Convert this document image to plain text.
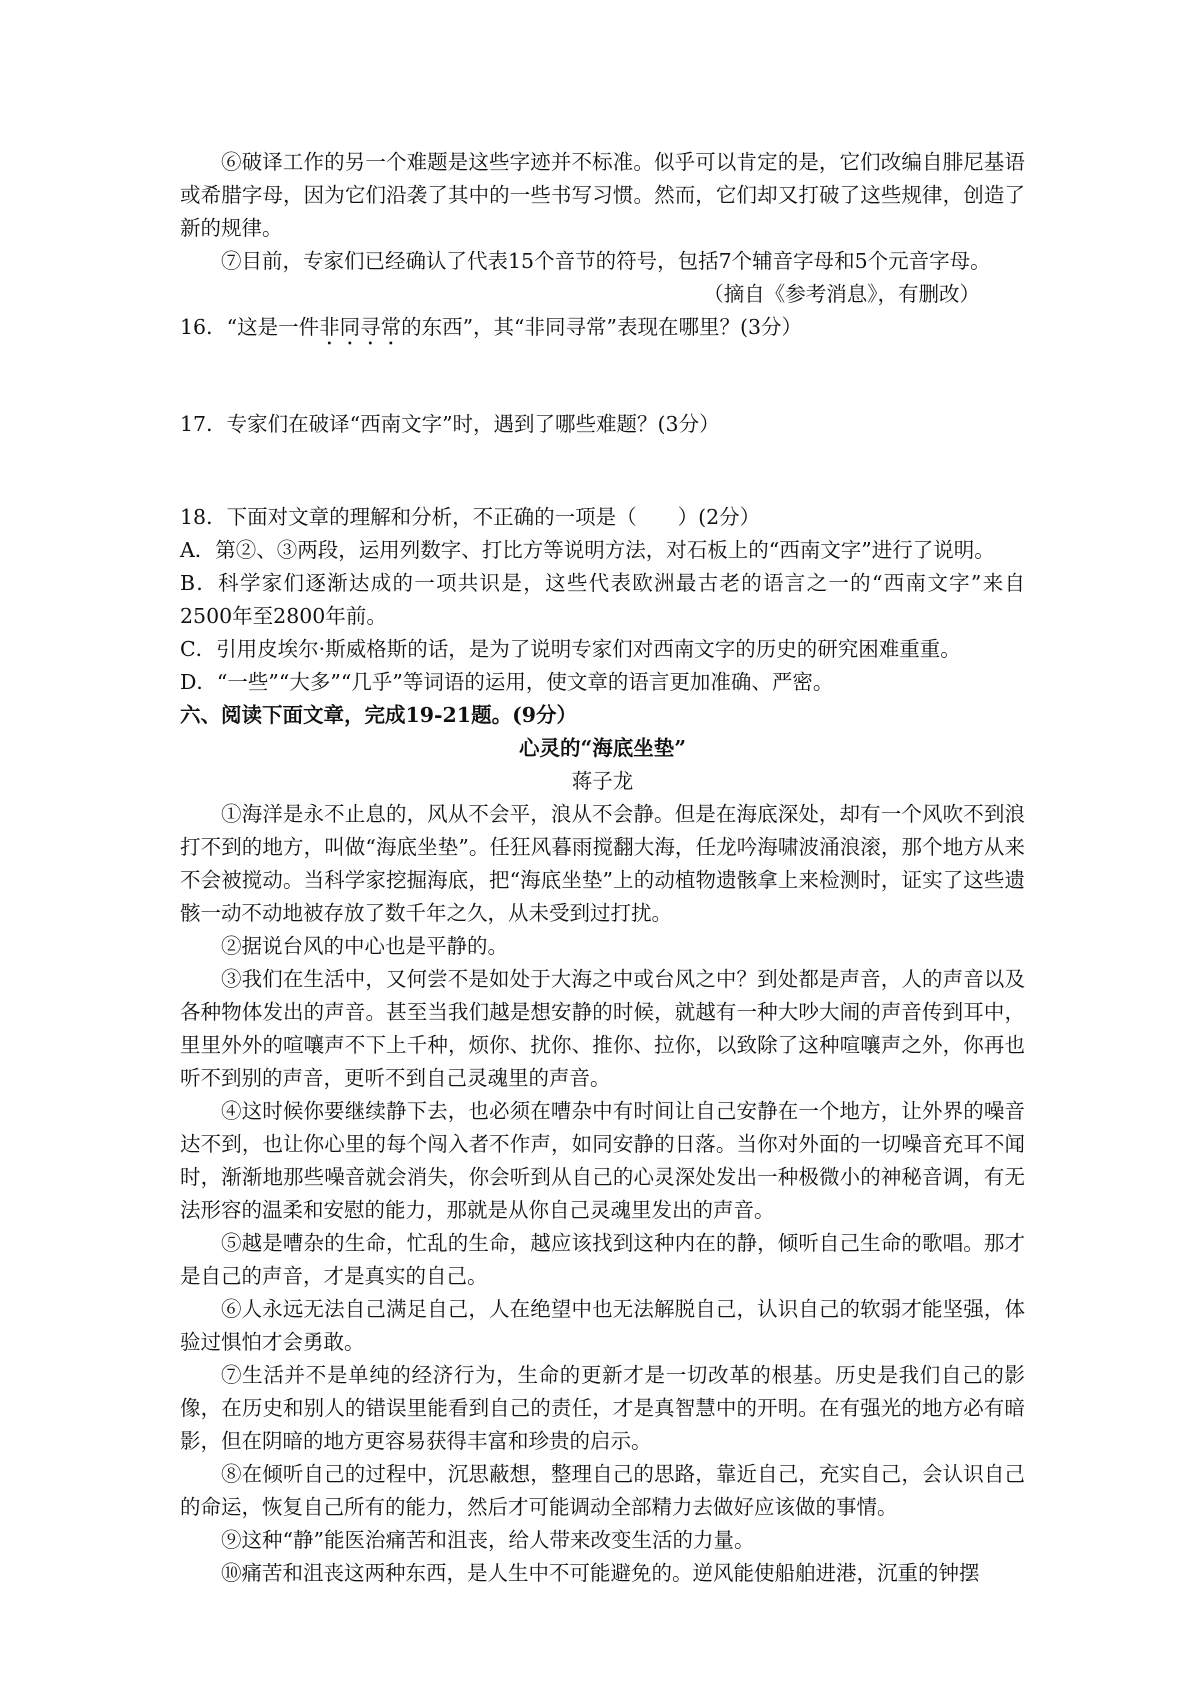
⑥破译工作的另一个难题是这些字迹并不标准。似乎可以肯定的是，它们改编自腓尼基语或希腊字母，因为它们沿袭了其中的一些书写习惯。然而，它们却又打破了这些规律，创造了新的规律。

⑦目前，专家们已经确认了代表15个音节的符号，包括7个辅音字母和5个元音字母。

（摘自《参考消息》，有删改）

16．“这是一件非同寻常的东西”，其“非同寻常”表现在哪里？(3分）

17．专家们在破译“西南文字”时，遇到了哪些难题？(3分）

18．下面对文章的理解和分析，不正确的一项是（　　）(2分）

A．第②、③两段，运用列数字、打比方等说明方法，对石板上的“西南文字”进行了说明。

B．科学家们逐渐达成的一项共识是，这些代表欧洲最古老的语言之一的“西南文字”来自2500年至2800年前。

C．引用皮埃尔·斯威格斯的话，是为了说明专家们对西南文字的历史的研究困难重重。

D．“一些”“大多”“几乎”等词语的运用，使文章的语言更加准确、严密。

六、阅读下面文章，完成19-21题。(9分）

心灵的“海底坐垫”

蒋子龙

①海洋是永不止息的，风从不会平，浪从不会静。但是在海底深处，却有一个风吹不到浪打不到的地方，叫做“海底坐垫”。任狂风暮雨搅翻大海，任龙吟海啸波涌浪滚，那个地方从来不会被搅动。当科学家挖掘海底，把“海底坐垫”上的动植物遗骸拿上来检测时，证实了这些遗骸一动不动地被存放了数千年之久，从未受到过打扰。

②据说台风的中心也是平静的。

③我们在生活中，又何尝不是如处于大海之中或台风之中？到处都是声音，人的声音以及各种物体发出的声音。甚至当我们越是想安静的时候，就越有一种大吵大闹的声音传到耳中，里里外外的喧嚷声不下上千种，烦你、扰你、推你、拉你，以致除了这种喧嚷声之外，你再也听不到别的声音，更听不到自己灵魂里的声音。

④这时候你要继续静下去，也必须在嘈杂中有时间让自己安静在一个地方，让外界的噪音达不到，也让你心里的每个闯入者不作声，如同安静的日落。当你对外面的一切噪音充耳不闻时，渐渐地那些噪音就会消失，你会听到从自己的心灵深处发出一种极微小的神秘音调，有无法形容的温柔和安慰的能力，那就是从你自己灵魂里发出的声音。

⑤越是嘈杂的生命，忙乱的生命，越应该找到这种内在的静，倾听自己生命的歌唱。那才是自己的声音，才是真实的自己。

⑥人永远无法自己满足自己，人在绝望中也无法解脱自己，认识自己的软弱才能坚强，体验过惧怕才会勇敢。

⑦生活并不是单纯的经济行为，生命的更新才是一切改革的根基。历史是我们自己的影像，在历史和别人的错误里能看到自己的责任，才是真智慧中的开明。在有强光的地方必有暗影，但在阴暗的地方更容易获得丰富和珍贵的启示。

⑧在倾听自己的过程中，沉思蔽想，整理自己的思路，靠近自己，充实自己，会认识自己的命运，恢复自己所有的能力，然后才可能调动全部精力去做好应该做的事情。

⑨这种“静”能医治痛苦和沮丧，给人带来改变生活的力量。

⑩痛苦和沮丧这两种东西，是人生中不可能避免的。逆风能使船舶进港，沉重的钟摆
